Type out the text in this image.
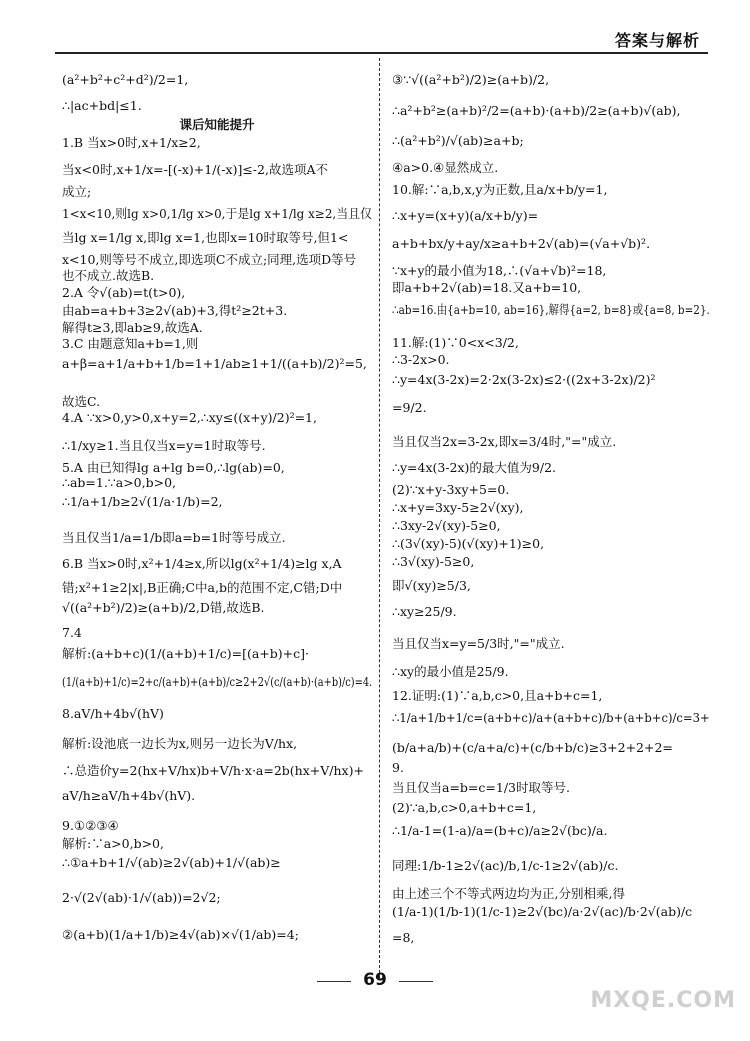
答案与解析
(a²+b²+c²+d²)/2=1,
∴|ac+bd|≤1.
课后知能提升
1.B 当x>0时,x+1/x≥2,
当x<0时,x+1/x=-[(-x)+1/(-x)]≤-2,故选项A不
成立;
1<x<10,则lg x>0,1/lg x>0,于是lg x+1/lg x≥2,当且仅
当lg x=1/lg x,即lg x=1,也即x=10时取等号,但1<
x<10,则等号不成立,即选项C不成立;同理,选项D等号
也不成立.故选B.
2.A 令√(ab)=t(t>0),
由ab=a+b+3≥2√(ab)+3,得t²≥2t+3.
解得t≥3,即ab≥9,故选A.
3.C 由题意知a+b=1,则
a+β=a+1/a+b+1/b=1+1/ab≥1+1/((a+b)/2)²=5,
故选C.
4.A ∵x>0,y>0,x+y=2,∴xy≤((x+y)/2)²=1,
∴1/xy≥1.当且仅当x=y=1时取等号.
5.A 由已知得lg a+lg b=0,∴lg(ab)=0,
∴ab=1.∵a>0,b>0,
∴1/a+1/b≥2√(1/a·1/b)=2,
当且仅当1/a=1/b即a=b=1时等号成立.
6.B 当x>0时,x²+1/4≥x,所以lg(x²+1/4)≥lg x,A
错;x²+1≥2|x|,B正确;C中a,b的范围不定,C错;D中
√((a²+b²)/2)≥(a+b)/2,D错,故选B.
7.4
解析:(a+b+c)(1/(a+b)+1/c)=[(a+b)+c]·
(1/(a+b)+1/c)=2+c/(a+b)+(a+b)/c≥2+2√(c/(a+b)·(a+b)/c)=4.
8.aV/h+4b√(hV)
解析:设池底一边长为x,则另一边长为V/hx,
∴总造价y=2(hx+V/hx)b+V/h·x·a=2b(hx+V/hx)+
aV/h≥aV/h+4b√(hV).
9.①②③④
解析:∵a>0,b>0,
∴①a+b+1/√(ab)≥2√(ab)+1/√(ab)≥
2·√(2√(ab)·1/√(ab))=2√2;
②(a+b)(1/a+1/b)≥4√(ab)×√(1/ab)=4;
③∵√((a²+b²)/2)≥(a+b)/2,
∴a²+b²≥(a+b)²/2=(a+b)·(a+b)/2≥(a+b)√(ab),
∴(a²+b²)/√(ab)≥a+b;
④a>0.④显然成立.
10.解:∵a,b,x,y为正数,且a/x+b/y=1,
∴x+y=(x+y)(a/x+b/y)=
a+b+bx/y+ay/x≥a+b+2√(ab)=(√a+√b)².
∵x+y的最小值为18,∴(√a+√b)²=18,
即a+b+2√(ab)=18.又a+b=10,
∴ab=16.由{a+b=10, ab=16},解得{a=2, b=8}或{a=8, b=2}.
11.解:(1)∵0<x<3/2,
∴3-2x>0.
∴y=4x(3-2x)=2·2x(3-2x)≤2·((2x+3-2x)/2)²
=9/2.
当且仅当2x=3-2x,即x=3/4时,"="成立.
∴y=4x(3-2x)的最大值为9/2.
(2)∵x+y-3xy+5=0.
∴x+y=3xy-5≥2√(xy),
∴3xy-2√(xy)-5≥0,
∴(3√(xy)-5)(√(xy)+1)≥0,
∴3√(xy)-5≥0,
即√(xy)≥5/3,
∴xy≥25/9.
当且仅当x=y=5/3时,"="成立.
∴xy的最小值是25/9.
12.证明:(1)∵a,b,c>0,且a+b+c=1,
∴1/a+1/b+1/c=(a+b+c)/a+(a+b+c)/b+(a+b+c)/c=3+
(b/a+a/b)+(c/a+a/c)+(c/b+b/c)≥3+2+2+2=
9.
当且仅当a=b=c=1/3时取等号.
(2)∵a,b,c>0,a+b+c=1,
∴1/a-1=(1-a)/a=(b+c)/a≥2√(bc)/a.
同理:1/b-1≥2√(ac)/b,1/c-1≥2√(ab)/c.
由上述三个不等式两边均为正,分别相乘,得
(1/a-1)(1/b-1)(1/c-1)≥2√(bc)/a·2√(ac)/b·2√(ab)/c
=8,
69
MXQE.COM
